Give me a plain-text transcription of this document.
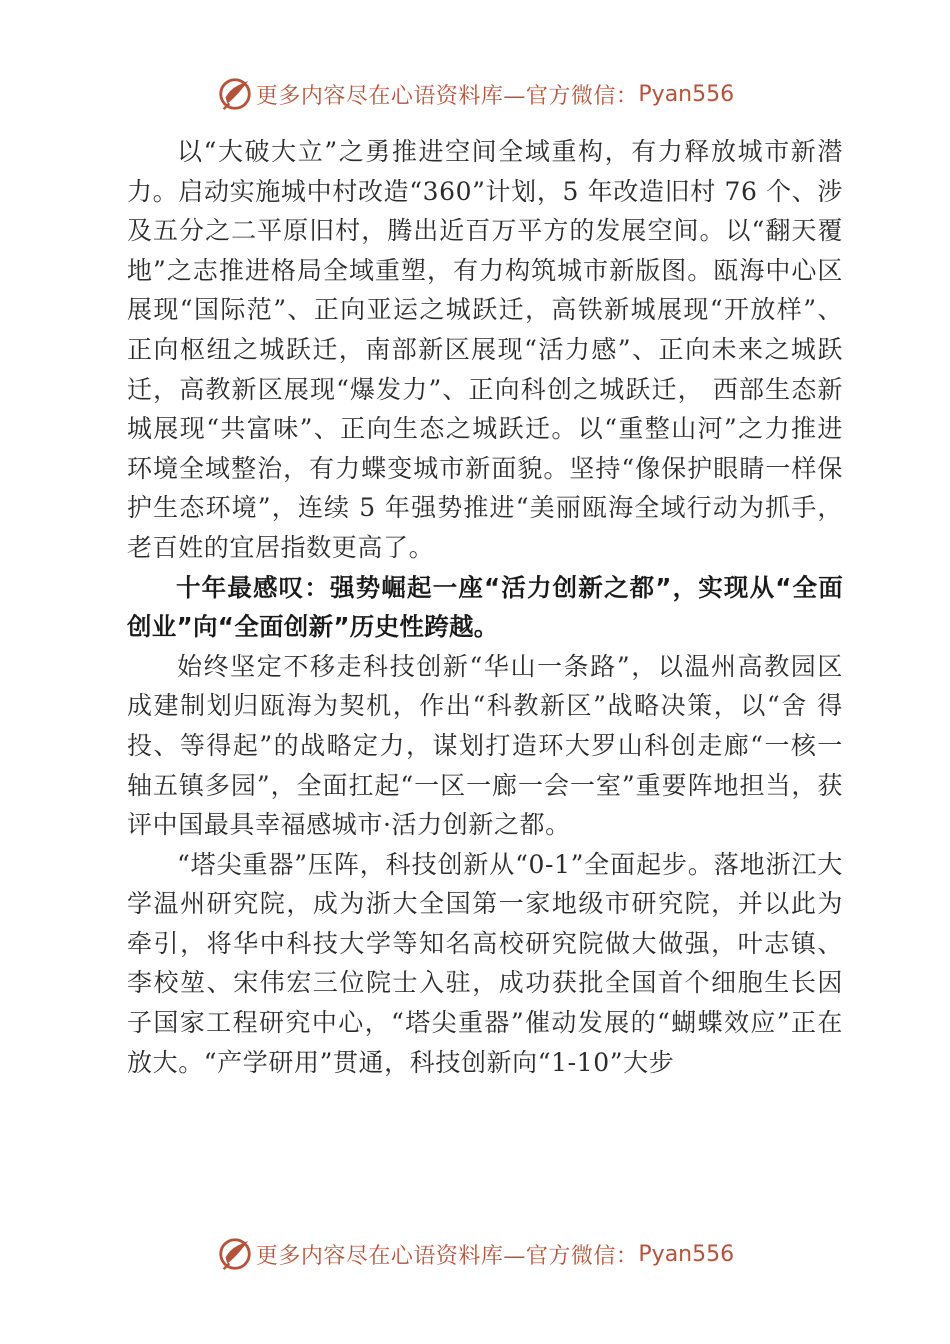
更多内容尽在心语资料库—官方微信： Pyan556

以“大破大立”之勇推进空间全域重构，有力释放城市新潜力。启动实施城中村改造“360”计划，5 年改造旧村 76 个、涉及五分之二平原旧村，腾出近百万平方的发展空间。以“翻天覆地”之志推进格局全域重塑，有力构筑城市新版图。瓯海中心区展现“国际范”、正向亚运之城跃迁，高铁新城展现“开放样”、正向枢纽之城跃迁，南部新区展现“活力感”、正向未来之城跃迁，高教新区展现“爆发力”、正向科创之城跃迁， 西部生态新城展现“共富味”、正向生态之城跃迁。以“重整山河”之力推进环境全域整治，有力蝶变城市新面貌。坚持“像保护眼睛一样保护生态环境”，连续 5 年强势推进“美丽瓯海全域行动为抓手，老百姓的宜居指数更高了。

十年最感叹：强势崛起一座“活力创新之都”，实现从“全面创业”向“全面创新”历史性跨越。

始终坚定不移走科技创新“华山一条路”，以温州高教园区成建制划归瓯海为契机，作出“科教新区”战略决策，以“舍 得投、等得起”的战略定力，谋划打造环大罗山科创走廊“一核一轴五镇多园”，全面扛起“一区一廊一会一室”重要阵地担当，获评中国最具幸福感城市·活力创新之都。

“塔尖重器”压阵，科技创新从“0-1”全面起步。落地浙江大学温州研究院，成为浙大全国第一家地级市研究院，并以此为牵引，将华中科技大学等知名高校研究院做大做强，叶志镇、李校堃、宋伟宏三位院士入驻，成功获批全国首个细胞生长因子国家工程研究中心，“塔尖重器”催动发展的“蝴蝶效应”正在放大。“产学研用”贯通，科技创新向“1-10”大步

更多内容尽在心语资料库—官方微信： Pyan556
